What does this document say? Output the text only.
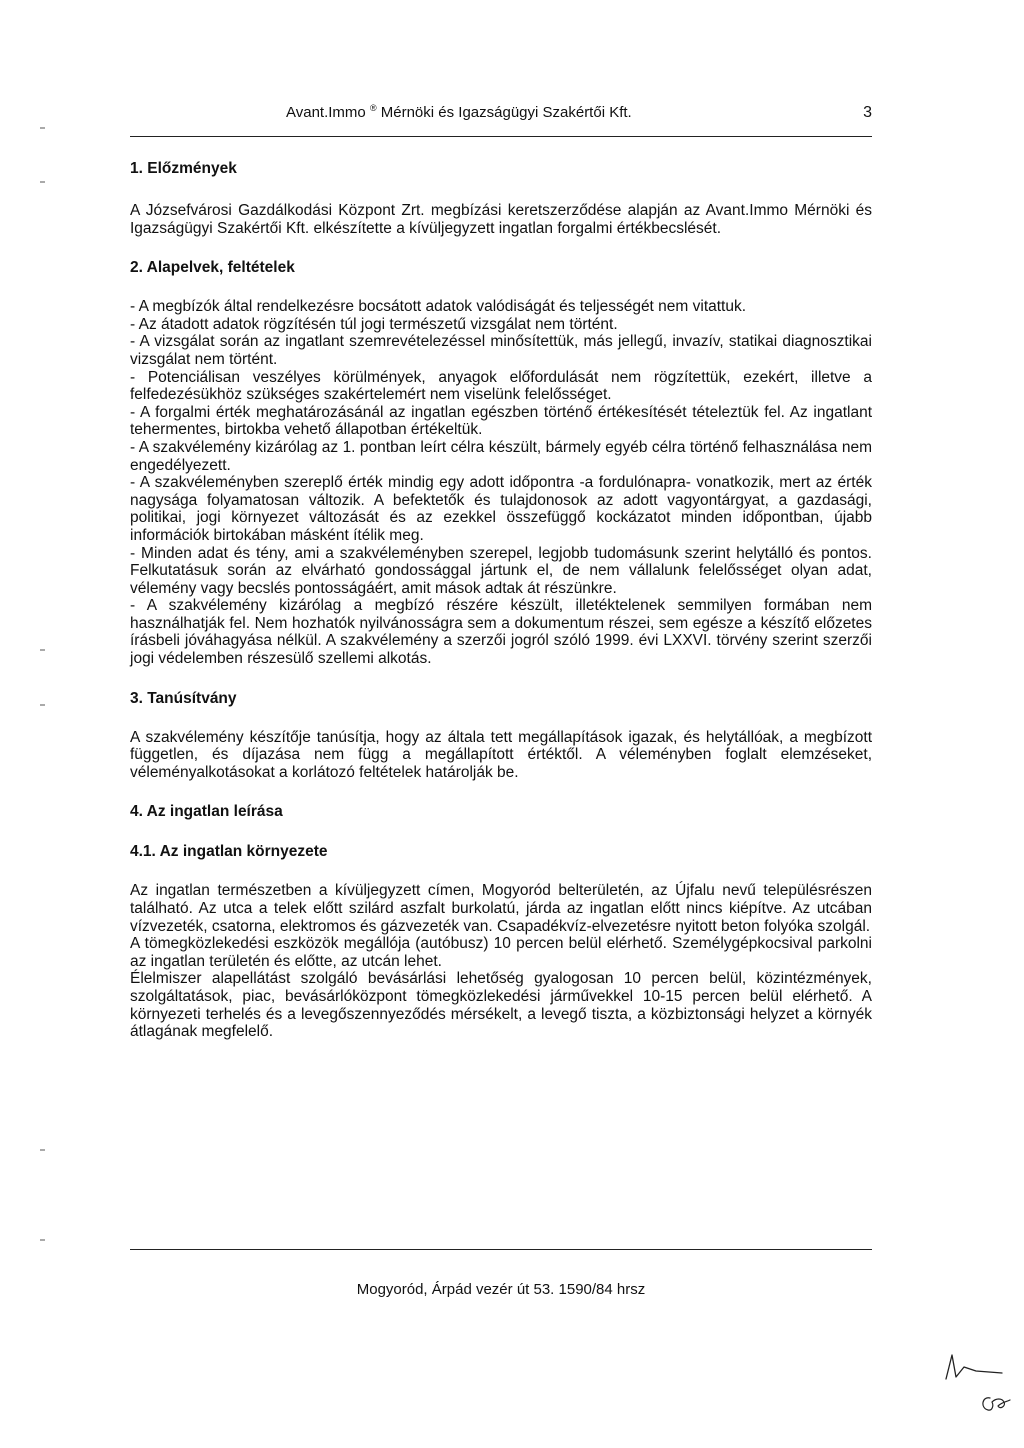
Avant.Immo ® Mérnöki és Igazságügyi Szakértői Kft.	3

1. Előzmények

A Józsefvárosi Gazdálkodási Központ Zrt. megbízási keretszerződése alapján az Avant.Immo Mérnöki és Igazságügyi Szakértői Kft. elkészítette a kívüljegyzett ingatlan forgalmi értékbecslését.

2. Alapelvek, feltételek

- A megbízók által rendelkezésre bocsátott adatok valódiságát és teljességét nem vitattuk.

- Az átadott adatok rögzítésén túl jogi természetű vizsgálat nem történt.

- A vizsgálat során az ingatlant szemrevételezéssel minősítettük, más jellegű, invazív, statikai diagnosztikai vizsgálat nem történt.

- Potenciálisan veszélyes körülmények, anyagok előfordulását nem rögzítettük, ezekért, illetve a felfedezésükhöz szükséges szakértelemért nem viselünk felelősséget.

- A forgalmi érték meghatározásánál az ingatlan egészben történő értékesítését tételeztük fel. Az ingatlant tehermentes, birtokba vehető állapotban értékeltük.

- A szakvélemény kizárólag az 1. pontban leírt célra készült, bármely egyéb célra történő felhasználása nem engedélyezett.

- A szakvéleményben szereplő érték mindig egy adott időpontra -a fordulónapra- vonatkozik, mert az érték nagysága folyamatosan változik. A befektetők és tulajdonosok az adott vagyontárgyat, a gazdasági, politikai, jogi környezet változását és az ezekkel összefüggő kockázatot minden időpontban, újabb információk birtokában másként ítélik meg.

- Minden adat és tény, ami a szakvéleményben szerepel, legjobb tudomásunk szerint helytálló és pontos. Felkutatásuk során az elvárható gondossággal jártunk el, de nem vállalunk felelősséget olyan adat, vélemény vagy becslés pontosságáért, amit mások adtak át részünkre.

- A szakvélemény kizárólag a megbízó részére készült, illetéktelenek semmilyen formában nem használhatják fel. Nem hozhatók nyilvánosságra sem a dokumentum részei, sem egésze a készítő előzetes írásbeli jóváhagyása nélkül. A szakvélemény a szerzői jogról szóló 1999. évi LXXVI. törvény szerint szerzői jogi védelemben részesülő szellemi alkotás.

3. Tanúsítvány

A szakvélemény készítője tanúsítja, hogy az általa tett megállapítások igazak, és helytállóak, a megbízott független, és díjazása nem függ a megállapított értéktől. A véleményben foglalt elemzéseket, véleményalkotásokat a korlátozó feltételek határolják be.

4. Az ingatlan leírása

4.1. Az ingatlan környezete

Az ingatlan természetben a kívüljegyzett címen, Mogyoród belterületén, az Újfalu nevű településrészen található. Az utca a telek előtt szilárd aszfalt burkolatú, járda az ingatlan előtt nincs kiépítve. Az utcában vízvezeték, csatorna, elektromos és gázvezeték van. Csapadékvíz-elvezetésre nyitott beton folyóka szolgál.

A tömegközlekedési eszközök megállója (autóbusz) 10 percen belül elérhető. Személygépkocsival parkolni az ingatlan területén és előtte, az utcán lehet.

Élelmiszer alapellátást szolgáló bevásárlási lehetőség gyalogosan 10 percen belül, közintézmények, szolgáltatások, piac, bevásárlóközpont tömegközlekedési járművekkel 10-15 percen belül elérhető. A környezeti terhelés és a levegőszennyeződés mérsékelt, a levegő tiszta, a közbiztonsági helyzet a környék átlagának megfelelő.

Mogyoród, Árpád vezér út 53. 1590/84 hrsz
